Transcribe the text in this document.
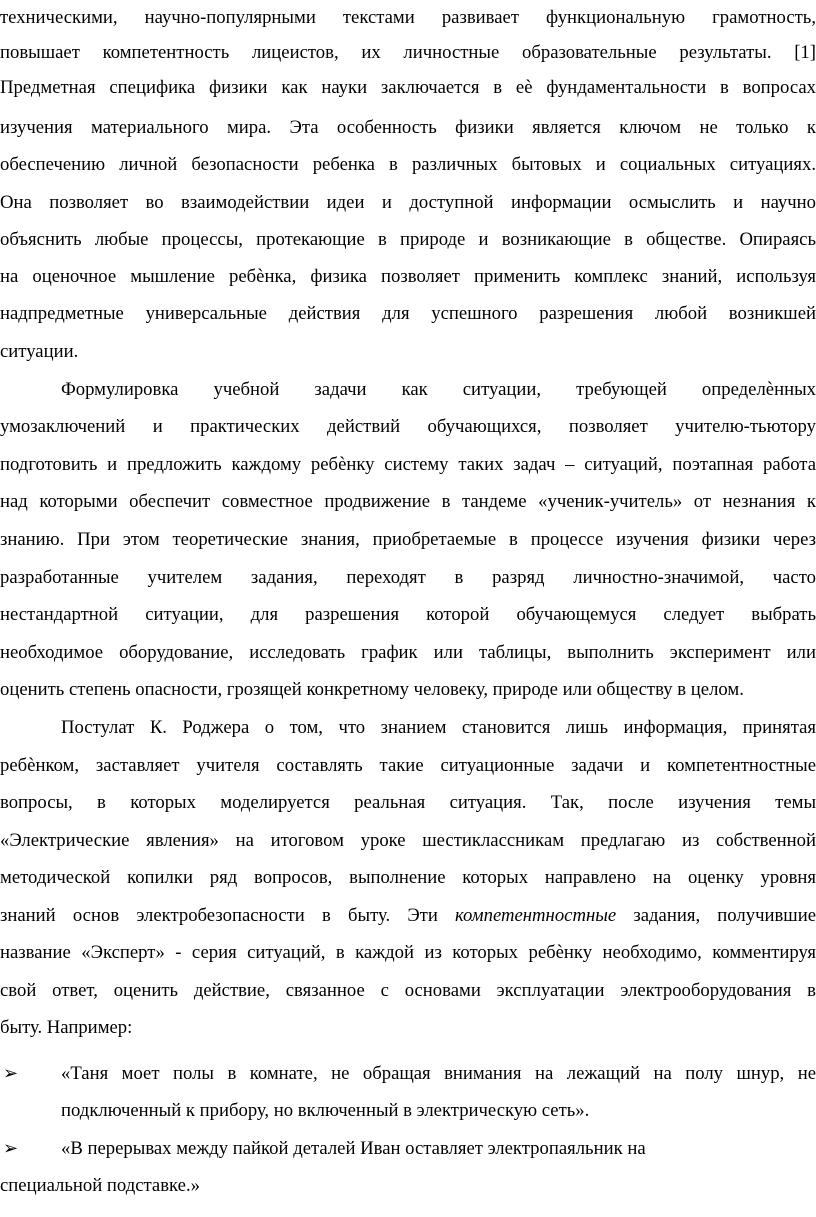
техническими, научно-популярными текстами развивает функциональную грамотность,
повышает компетентность лицеистов, их личностные образовательные результаты. [1]
Предметная специфика физики как науки заключается в еѐ фундаментальности в вопросах
изучения материального мира. Эта особенность физики является ключом не только к
обеспечению личной безопасности ребенка в различных бытовых и социальных ситуациях.
Она позволяет во взаимодействии идеи и доступной информации осмыслить и научно
объяснить любые процессы, протекающие в природе и возникающие в обществе. Опираясь
на оценочное мышление ребѐнка, физика позволяет применить комплекс знаний, используя
надпредметные универсальные действия для успешного разрешения любой возникшей
ситуации.
Формулировка учебной задачи как ситуации, требующей определѐнных
умозаключений и практических действий обучающихся, позволяет учителю-тьютору
подготовить и предложить каждому ребѐнку систему таких задач – ситуаций, поэтапная работа
над которыми обеспечит совместное продвижение в тандеме «ученик-учитель» от незнания к
знанию. При этом теоретические знания, приобретаемые в процессе изучения физики через
разработанные учителем задания, переходят в разряд личностно-значимой, часто
нестандартной ситуации, для разрешения которой обучающемуся следует выбрать
необходимое оборудование, исследовать график или таблицы, выполнить эксперимент или
оценить степень опасности, грозящей конкретному человеку, природе или обществу в целом.
Постулат К. Роджера о том, что знанием становится лишь информация, принятая
ребѐнком, заставляет учителя составлять такие ситуационные задачи и компетентностные
вопросы, в которых моделируется реальная ситуация. Так, после изучения темы
«Электрические явления» на итоговом уроке шестиклассникам предлагаю из собственной
методической копилки ряд вопросов, выполнение которых направлено на оценку уровня
знаний основ электробезопасности в быту. Эти компетентностные задания, получившие
название «Эксперт» - серия ситуаций, в каждой из которых ребѐнку необходимо, комментируя
свой ответ, оценить действие, связанное с основами эксплуатации электрооборудования в
быту. Например:
➢ «Таня моет полы в комнате, не обращая внимания на лежащий на полу шнур, не
подключенный к прибору, но включенный в электрическую сеть».
➢ «В перерывах между пайкой деталей Иван оставляет электропаяльник на
специальной подставке.»
